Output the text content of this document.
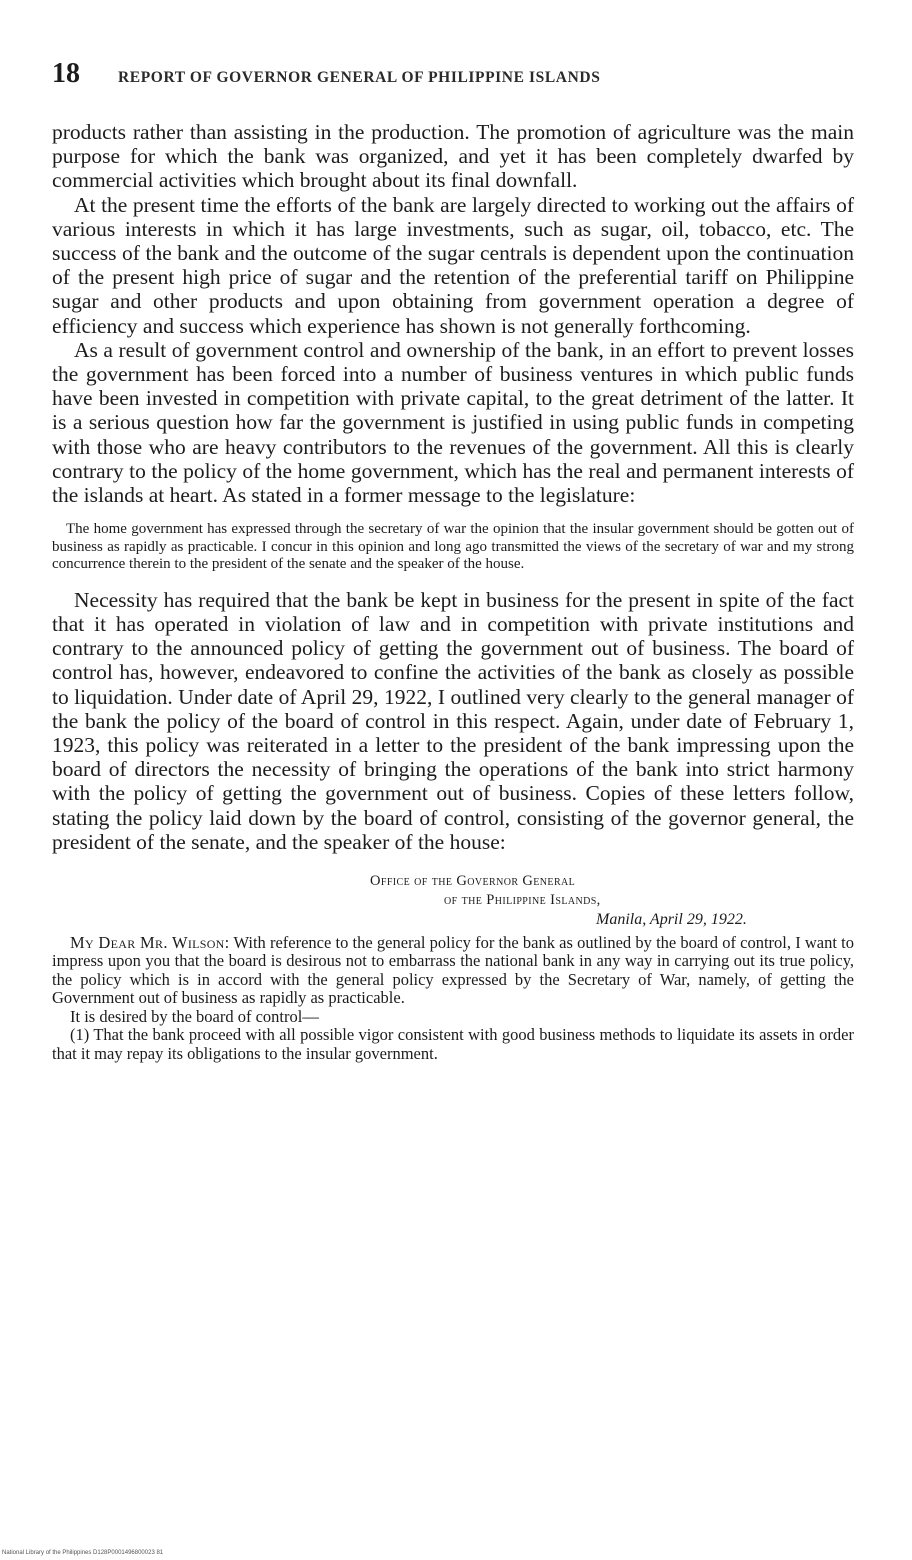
18	REPORT OF GOVERNOR GENERAL OF PHILIPPINE ISLANDS

products rather than assisting in the production. The promotion of agriculture was the main purpose for which the bank was organized, and yet it has been completely dwarfed by commercial activities which brought about its final downfall.

At the present time the efforts of the bank are largely directed to working out the affairs of various interests in which it has large investments, such as sugar, oil, tobacco, etc. The success of the bank and the outcome of the sugar centrals is dependent upon the continuation of the present high price of sugar and the retention of the preferential tariff on Philippine sugar and other products and upon obtaining from government operation a degree of efficiency and success which experience has shown is not generally forthcoming.

As a result of government control and ownership of the bank, in an effort to prevent losses the government has been forced into a number of business ventures in which public funds have been invested in competition with private capital, to the great detriment of the latter. It is a serious question how far the government is justified in using public funds in competing with those who are heavy contributors to the revenues of the government. All this is clearly contrary to the policy of the home government, which has the real and permanent interests of the islands at heart. As stated in a former message to the legislature:

The home government has expressed through the secretary of war the opinion that the insular government should be gotten out of business as rapidly as practicable. I concur in this opinion and long ago transmitted the views of the secretary of war and my strong concurrence therein to the president of the senate and the speaker of the house.

Necessity has required that the bank be kept in business for the present in spite of the fact that it has operated in violation of law and in competition with private institutions and contrary to the announced policy of getting the government out of business. The board of control has, however, endeavored to confine the activities of the bank as closely as possible to liquidation. Under date of April 29, 1922, I outlined very clearly to the general manager of the bank the policy of the board of control in this respect. Again, under date of February 1, 1923, this policy was reiterated in a letter to the president of the bank impressing upon the board of directors the necessity of bringing the operations of the bank into strict harmony with the policy of getting the government out of business. Copies of these letters follow, stating the policy laid down by the board of control, consisting of the governor general, the president of the senate, and the speaker of the house:

Office of the Governor General
of the Philippine Islands,
Manila, April 29, 1922.

My Dear Mr. Wilson: With reference to the general policy for the bank as outlined by the board of control, I want to impress upon you that the board is desirous not to embarrass the national bank in any way in carrying out its true policy, the policy which is in accord with the general policy expressed by the Secretary of War, namely, of getting the Government out of business as rapidly as practicable.

It is desired by the board of control—

(1) That the bank proceed with all possible vigor consistent with good business methods to liquidate its assets in order that it may repay its obligations to the insular government.

National Library of the Philippines D128P0001496800023 81
